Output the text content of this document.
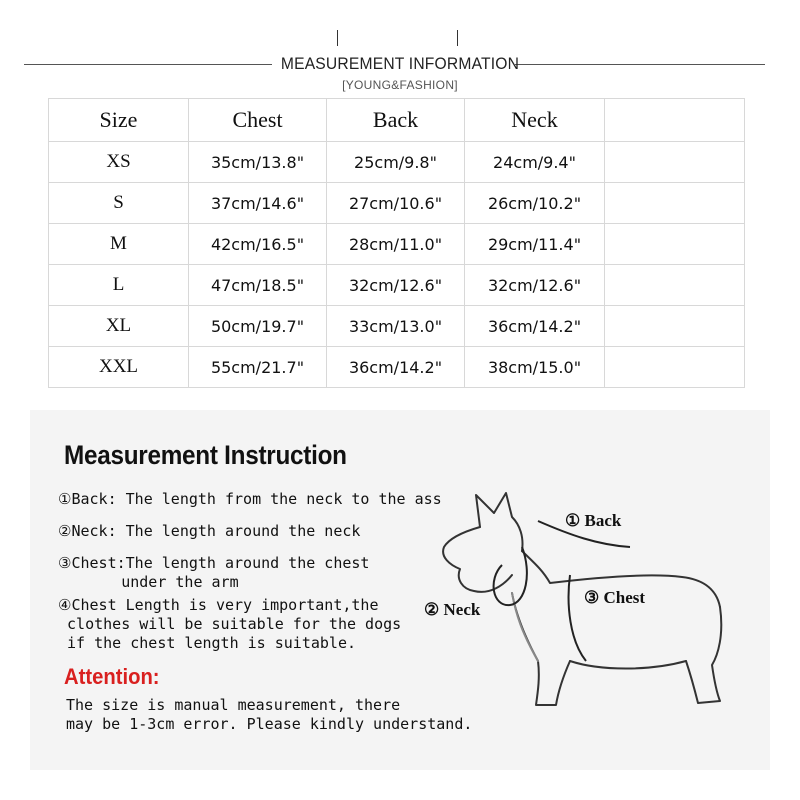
MEASUREMENT INFORMATION
[YOUNG&FASHION]
Size	Chest	Back	Neck	
XS	35cm/13.8"	25cm/9.8"	24cm/9.4"	
S	37cm/14.6"	27cm/10.6"	26cm/10.2"	
M	42cm/16.5"	28cm/11.0"	29cm/11.4"	
L	47cm/18.5"	32cm/12.6"	32cm/12.6"	
XL	50cm/19.7"	33cm/13.0"	36cm/14.2"	
XXL	55cm/21.7"	36cm/14.2"	38cm/15.0"	
Measurement Instruction
①Back: The length from the neck to the ass
②Neck: The length around the neck
③Chest:The length around the chest
under the arm
④Chest Length is very important,the
clothes will be suitable for the dogs
if the chest length is suitable.
Attention:
The size is manual measurement, there
may be 1-3cm error. Please kindly understand.
① Back
② Neck
③ Chest
